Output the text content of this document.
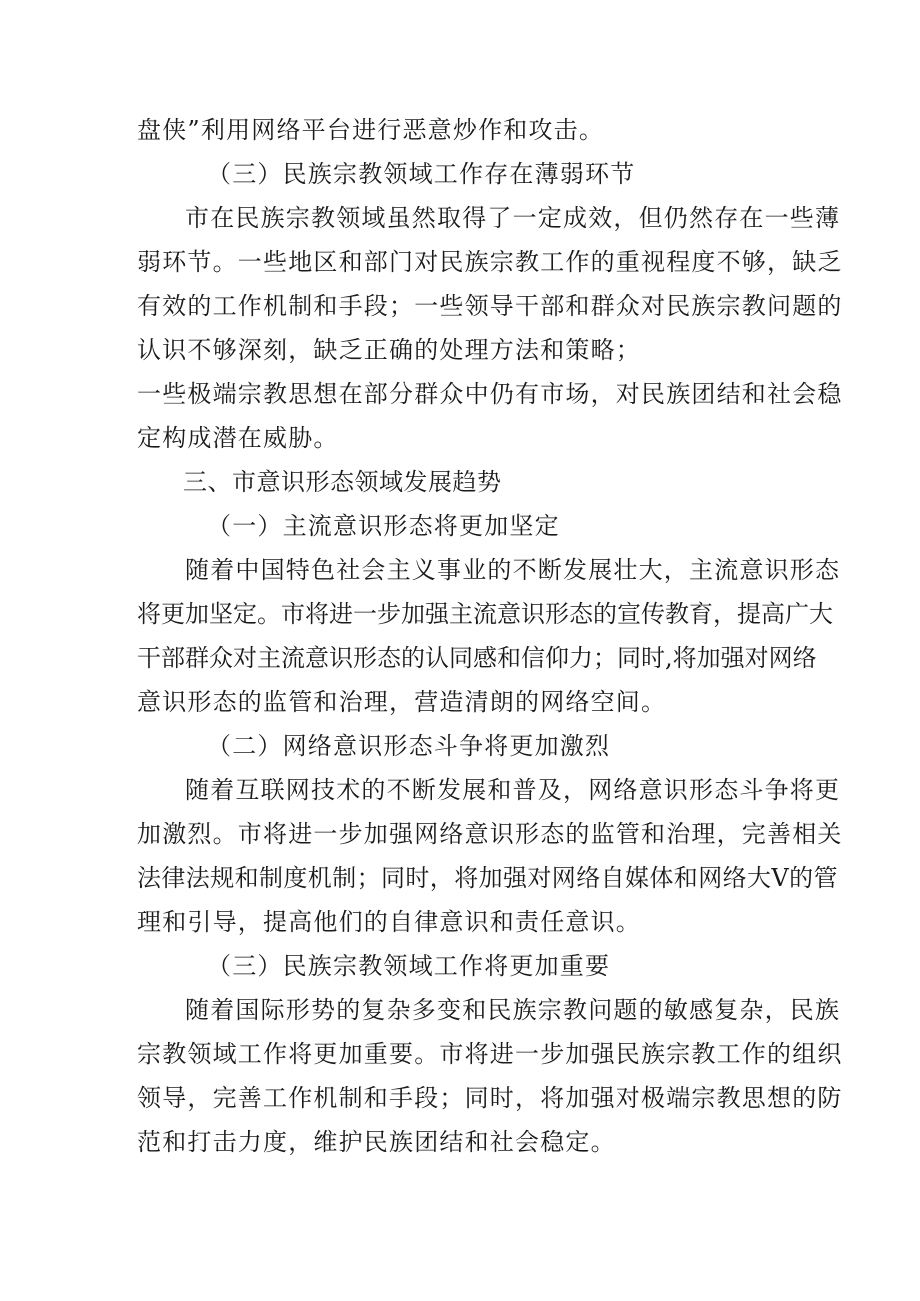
盘侠”利用网络平台进行恶意炒作和攻击。
（三）民族宗教领域工作存在薄弱环节
市在民族宗教领域虽然取得了一定成效，但仍然存在一些薄
弱环节。一些地区和部门对民族宗教工作的重视程度不够，缺乏
有效的工作机制和手段；一些领导干部和群众对民族宗教问题的
认识不够深刻，缺乏正确的处理方法和策略；
一些极端宗教思想在部分群众中仍有市场，对民族团结和社会稳
定构成潜在威胁。
三、市意识形态领域发展趋势
（一）主流意识形态将更加坚定
随着中国特色社会主义事业的不断发展壮大，主流意识形态
将更加坚定。市将进一步加强主流意识形态的宣传教育，提高广大
干部群众对主流意识形态的认同感和信仰力；同时,将加强对网络
意识形态的监管和治理，营造清朗的网络空间。
（二）网络意识形态斗争将更加激烈
随着互联网技术的不断发展和普及，网络意识形态斗争将更
加激烈。市将进一步加强网络意识形态的监管和治理，完善相关
法律法规和制度机制；同时，将加强对网络自媒体和网络大V的管
理和引导，提高他们的自律意识和责任意识。
（三）民族宗教领域工作将更加重要
随着国际形势的复杂多变和民族宗教问题的敏感复杂，民族
宗教领域工作将更加重要。市将进一步加强民族宗教工作的组织
领导，完善工作机制和手段；同时，将加强对极端宗教思想的防
范和打击力度，维护民族团结和社会稳定。
